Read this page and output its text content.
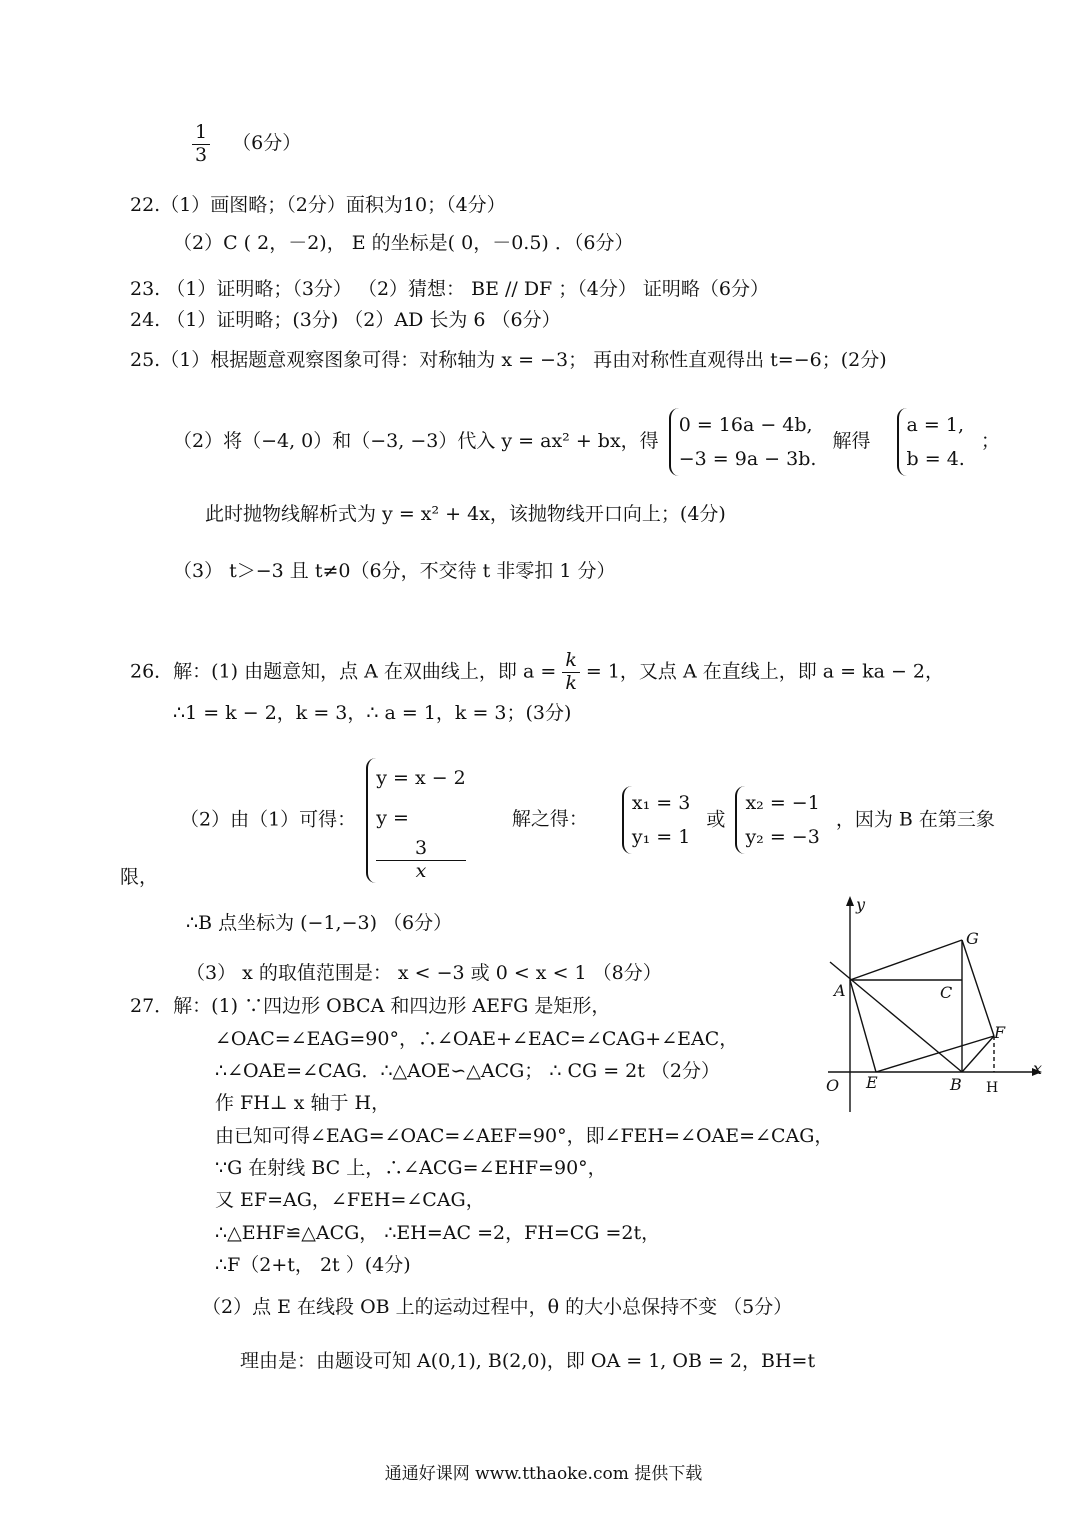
$\frac{1}{3} (6$分）
22.（1）画图略；（2分）面积为10；（4分）
（2）C ( 2，－2)， E 的坐标是( 0，－0.5) ．（6分）
23. （1）证明略；（3分） （2）猜想： BE // DF ；（4分） 证明略（6分）
24. （1）证明略；(3分) （2）AD 长为 6 （6分）
25.（1）根据题意观察图象可得：对称轴为 x = −3； 再由对称性直观得出 t=−6；(2分)
（2）将（−4, 0）和（−3, −3）代入 y = ax² + bx，得
0 = 16a − 4b,
−3 = 9a − 3b.
解得
a = 1,
b = 4.
；
此时抛物线解析式为 y = x² + 4x，该抛物线开口向上；(4分)
（3） t＞−3 且 t≠0（6分，不交待 t 非零扣 1 分）
26．解：(1) 由题意知，点 A 在双曲线上，即 $a = \frac{k}{k} = 1$，又点 A 在直线上，即 a = ka − 2，
∴1 = k − 2，k = 3，∴ a = 1，k = 3；(3分)
（2）由（1）可得：
y = x − 2
y =
3
x
解之得：
x₁ = 3
y₁ = 1
或
x₂ = −1
y₂ = −3
，因为 B 在第三象
限，
∴B 点坐标为 (−1,−3) （6分）
（3） x 的取值范围是： x < −3 或 0 < x < 1 （8分）
27．解：(1) ∵四边形 OBCA 和四边形 AEFG 是矩形，
∠OAC=∠EAG=90°，∴∠OAE+∠EAC=∠CAG+∠EAC，
∴∠OAE=∠CAG．∴△AOE∽△ACG； ∴ CG = 2t （2分）
作 FH⊥ x 轴于 H，
由已知可得∠EAG=∠OAC=∠AEF=90°，即∠FEH=∠OAE=∠CAG，
∵G 在射线 BC 上，∴∠ACG=∠EHF=90°，
又 EF=AG，∠FEH=∠CAG，
∴△EHF≌△ACG， ∴EH=AC =2，FH=CG =2t，
∴F（2+t， 2t ）(4分)
（2）点 E 在线段 OB 上的运动过程中，θ 的大小总保持不变 （5分）
理由是：由题设可知 A(0,1), B(2,0)，即 OA = 1, OB = 2，BH=t
y
x
O
A
B
C
E
F
G
H
通通好课网 www.tthaoke.com 提供下载
